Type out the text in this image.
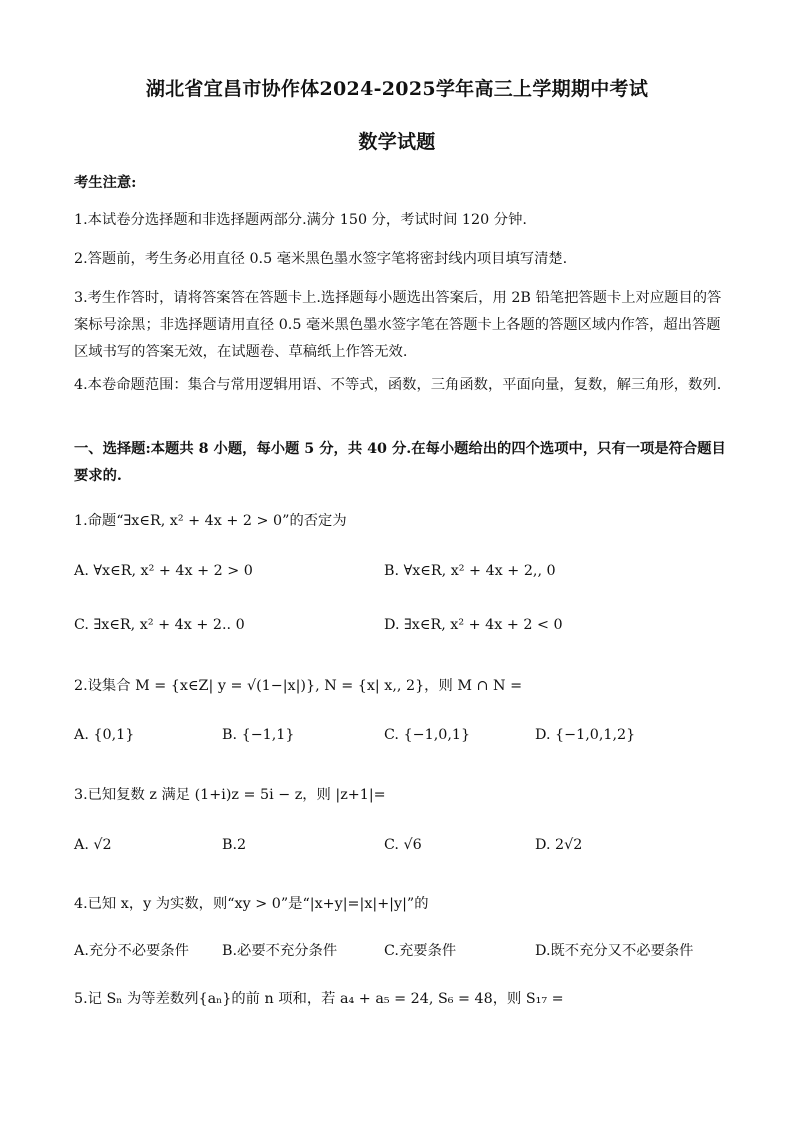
湖北省宜昌市协作体2024-2025学年高三上学期期中考试
数学试题
考生注意:
1.本试卷分选择题和非选择题两部分.满分 150 分，考试时间 120 分钟.
2.答题前，考生务必用直径 0.5 毫米黑色墨水签字笔将密封线内项目填写清楚.
3.考生作答时，请将答案答在答题卡上.选择题每小题选出答案后，用 2B 铅笔把答题卡上对应题目的答案标号涂黑；非选择题请用直径 0.5 毫米黑色墨水签字笔在答题卡上各题的答题区域内作答，超出答题区域书写的答案无效，在试题卷、草稿纸上作答无效.
4.本卷命题范围：集合与常用逻辑用语、不等式，函数，三角函数，平面向量，复数，解三角形，数列.
一、选择题:本题共 8 小题，每小题 5 分，共 40 分.在每小题给出的四个选项中，只有一项是符合题目要求的.
1.命题“∃x∈R, x² + 4x + 2 > 0”的否定为
A. ∀x∈R, x² + 4x + 2 > 0	B. ∀x∈R, x² + 4x + 2,, 0
C. ∃x∈R, x² + 4x + 2.. 0	D. ∃x∈R, x² + 4x + 2 < 0
2.设集合 M = {x∈Z| y = √(1−|x|)}, N = {x| x,, 2}，则 M ∩ N =
A. {0,1}	B. {−1,1}	C. {−1,0,1}	D. {−1,0,1,2}
3.已知复数 z 满足 (1+i)z = 5i − z，则 |z+1|=
A. √2	B.2	C. √6	D. 2√2
4.已知 x，y 为实数，则“xy > 0”是“|x+y|=|x|+|y|”的
A.充分不必要条件 B.必要不充分条件	C.充要条件	D.既不充分又不必要条件
5.记 Sₙ 为等差数列{aₙ}的前 n 项和，若 a₄ + a₅ = 24, S₆ = 48，则 S₁₇ =
